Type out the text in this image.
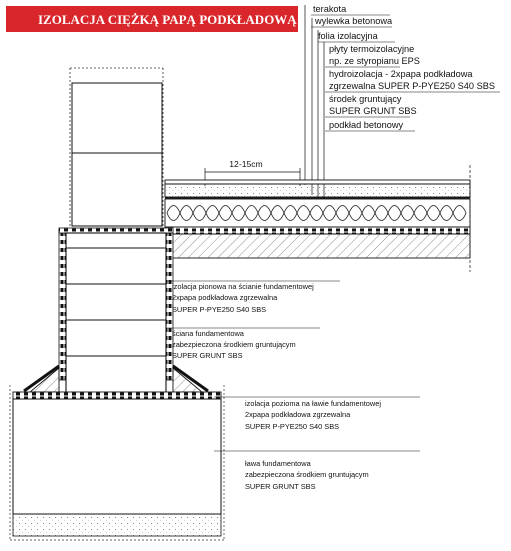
IZOLACJA CIĘŻKĄ PAPĄ PODKŁADOWĄ
terakota
wylewka betonowa
folia izolacyjna
płyty termoizolacyjne
np. ze styropianu EPS
hydroizolacja - 2xpapa podkładowa
zgrzewalna SUPER P-PYE250 S40 SBS
środek gruntujący
SUPER GRUNT SBS
podkład betonowy
12-15cm
izolacja pionowa na ścianie fundamentowej
2xpapa podkładowa zgrzewalna
SUPER P-PYE250 S40 SBS
ściana fundamentowa
zabezpieczona środkiem gruntującym
SUPER GRUNT SBS
izolacja pozioma na ławie fundamentowej
2xpapa podkładowa zgrzewalna
SUPER P-PYE250 S40 SBS
ława fundamentowa
zabezpieczona środkiem gruntującym
SUPER GRUNT SBS
